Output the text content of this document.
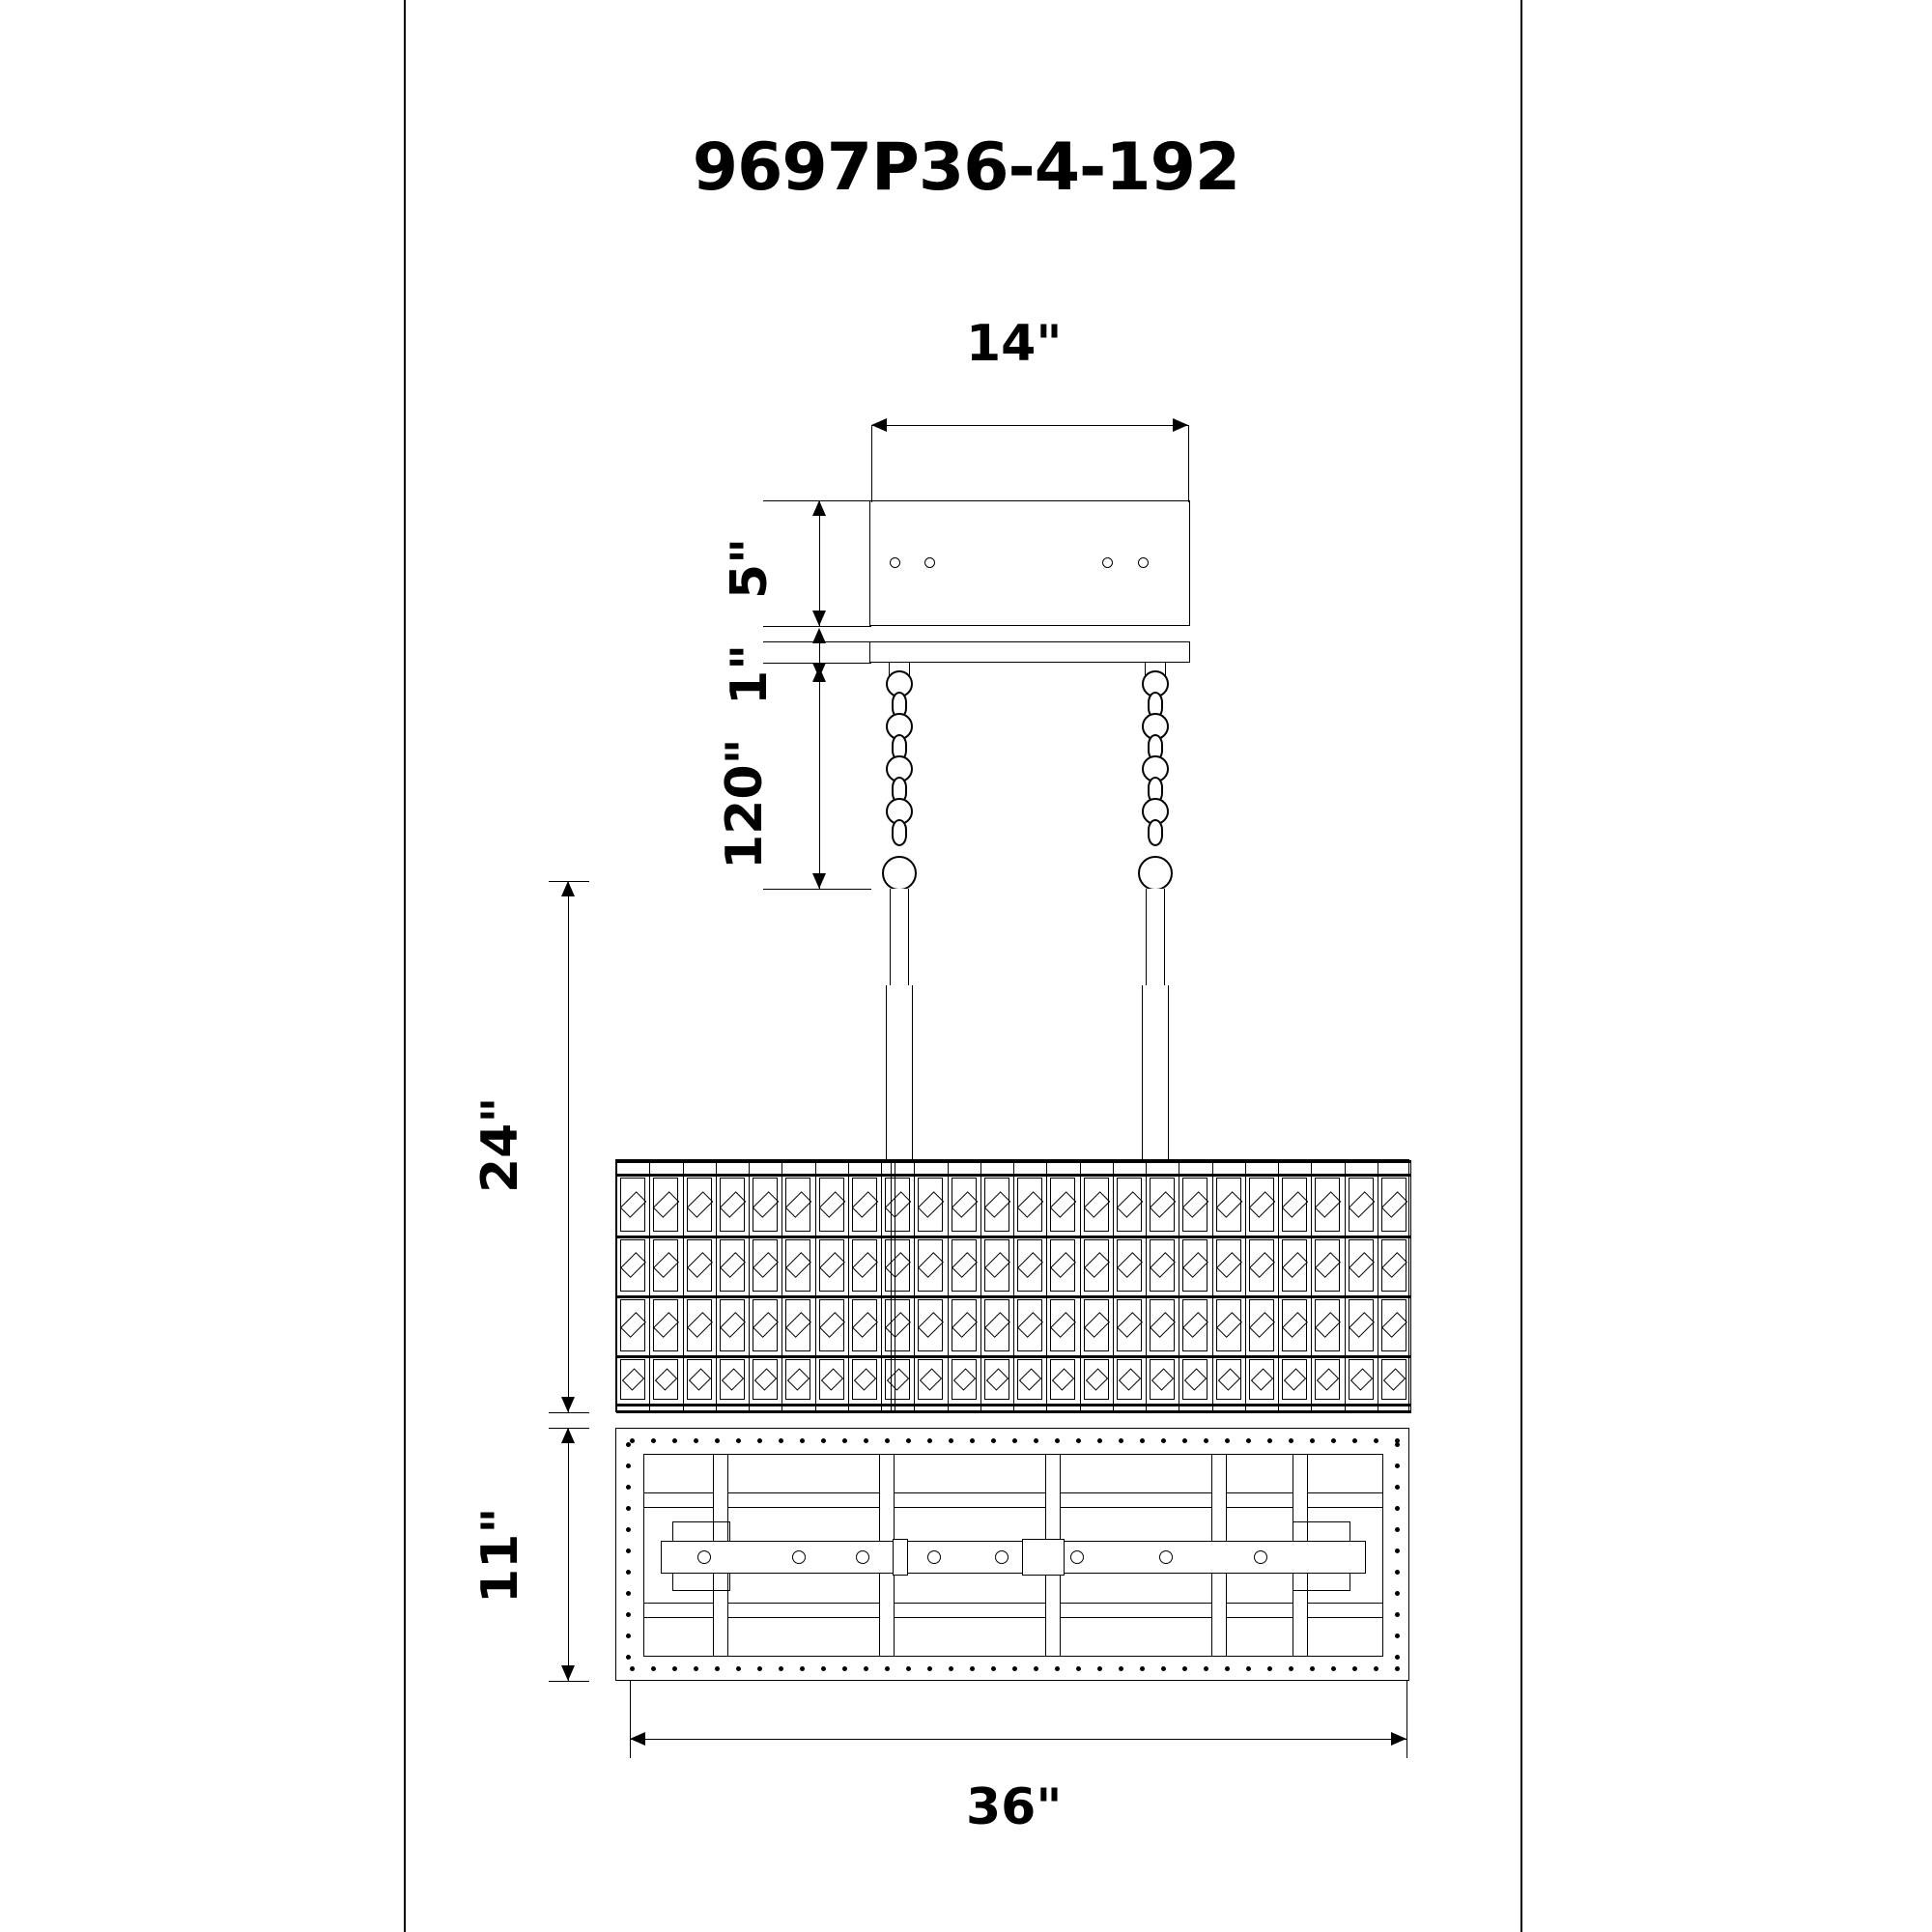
9697P36-4-192
14"
5"
1"
120"
24"
11"
36"
